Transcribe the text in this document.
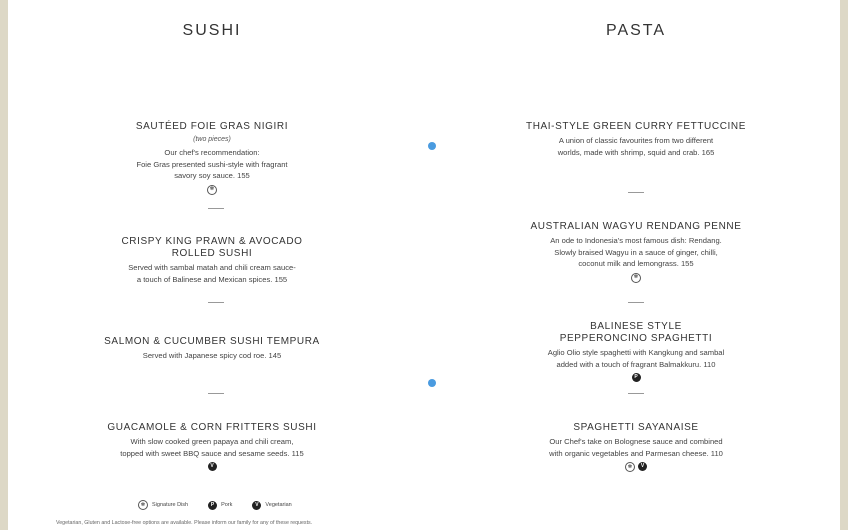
SUSHI
SAUTÉED FOIE GRAS NIGIRI
(two pieces)
Our chef's recommendation:
Foie Gras presented sushi-style with fragrant
savory soy sauce. 155
✻
CRISPY KING PRAWN & AVOCADO ROLLED SUSHI
Served with sambal matah and chili cream sauce-
a touch of Balinese and Mexican spices. 155
SALMON & CUCUMBER SUSHI TEMPURA
Served with Japanese spicy cod roe. 145
GUACAMOLE & CORN FRITTERS SUSHI
With slow cooked green papaya and chili cream,
topped with sweet BBQ sauce and sesame seeds. 115
V
PASTA
THAI-STYLE GREEN CURRY FETTUCCINE
A union of classic favourites from two different
worlds, made with shrimp, squid and crab. 165
AUSTRALIAN WAGYU RENDANG PENNE
An ode to Indonesia's most famous dish: Rendang.
Slowly braised Wagyu in a sauce of ginger, chilli,
coconut milk and lemongrass. 155
✻
BALINESE STYLE
PEPPERONCINO SPAGHETTI
Aglio Olio style spaghetti with Kangkung and sambal
added with a touch of fragrant Balmakkuru. 110
P
SPAGHETTI SAYANAISE
Our Chef's take on Bolognese sauce and combined
with organic vegetables and Parmesan cheese. 110
✻	V
✻	Signature Dish	P	Pork	V	Vegetarian
Vegetarian, Gluten and Lactose-free options are available. Please inform our family for any of these requests.
